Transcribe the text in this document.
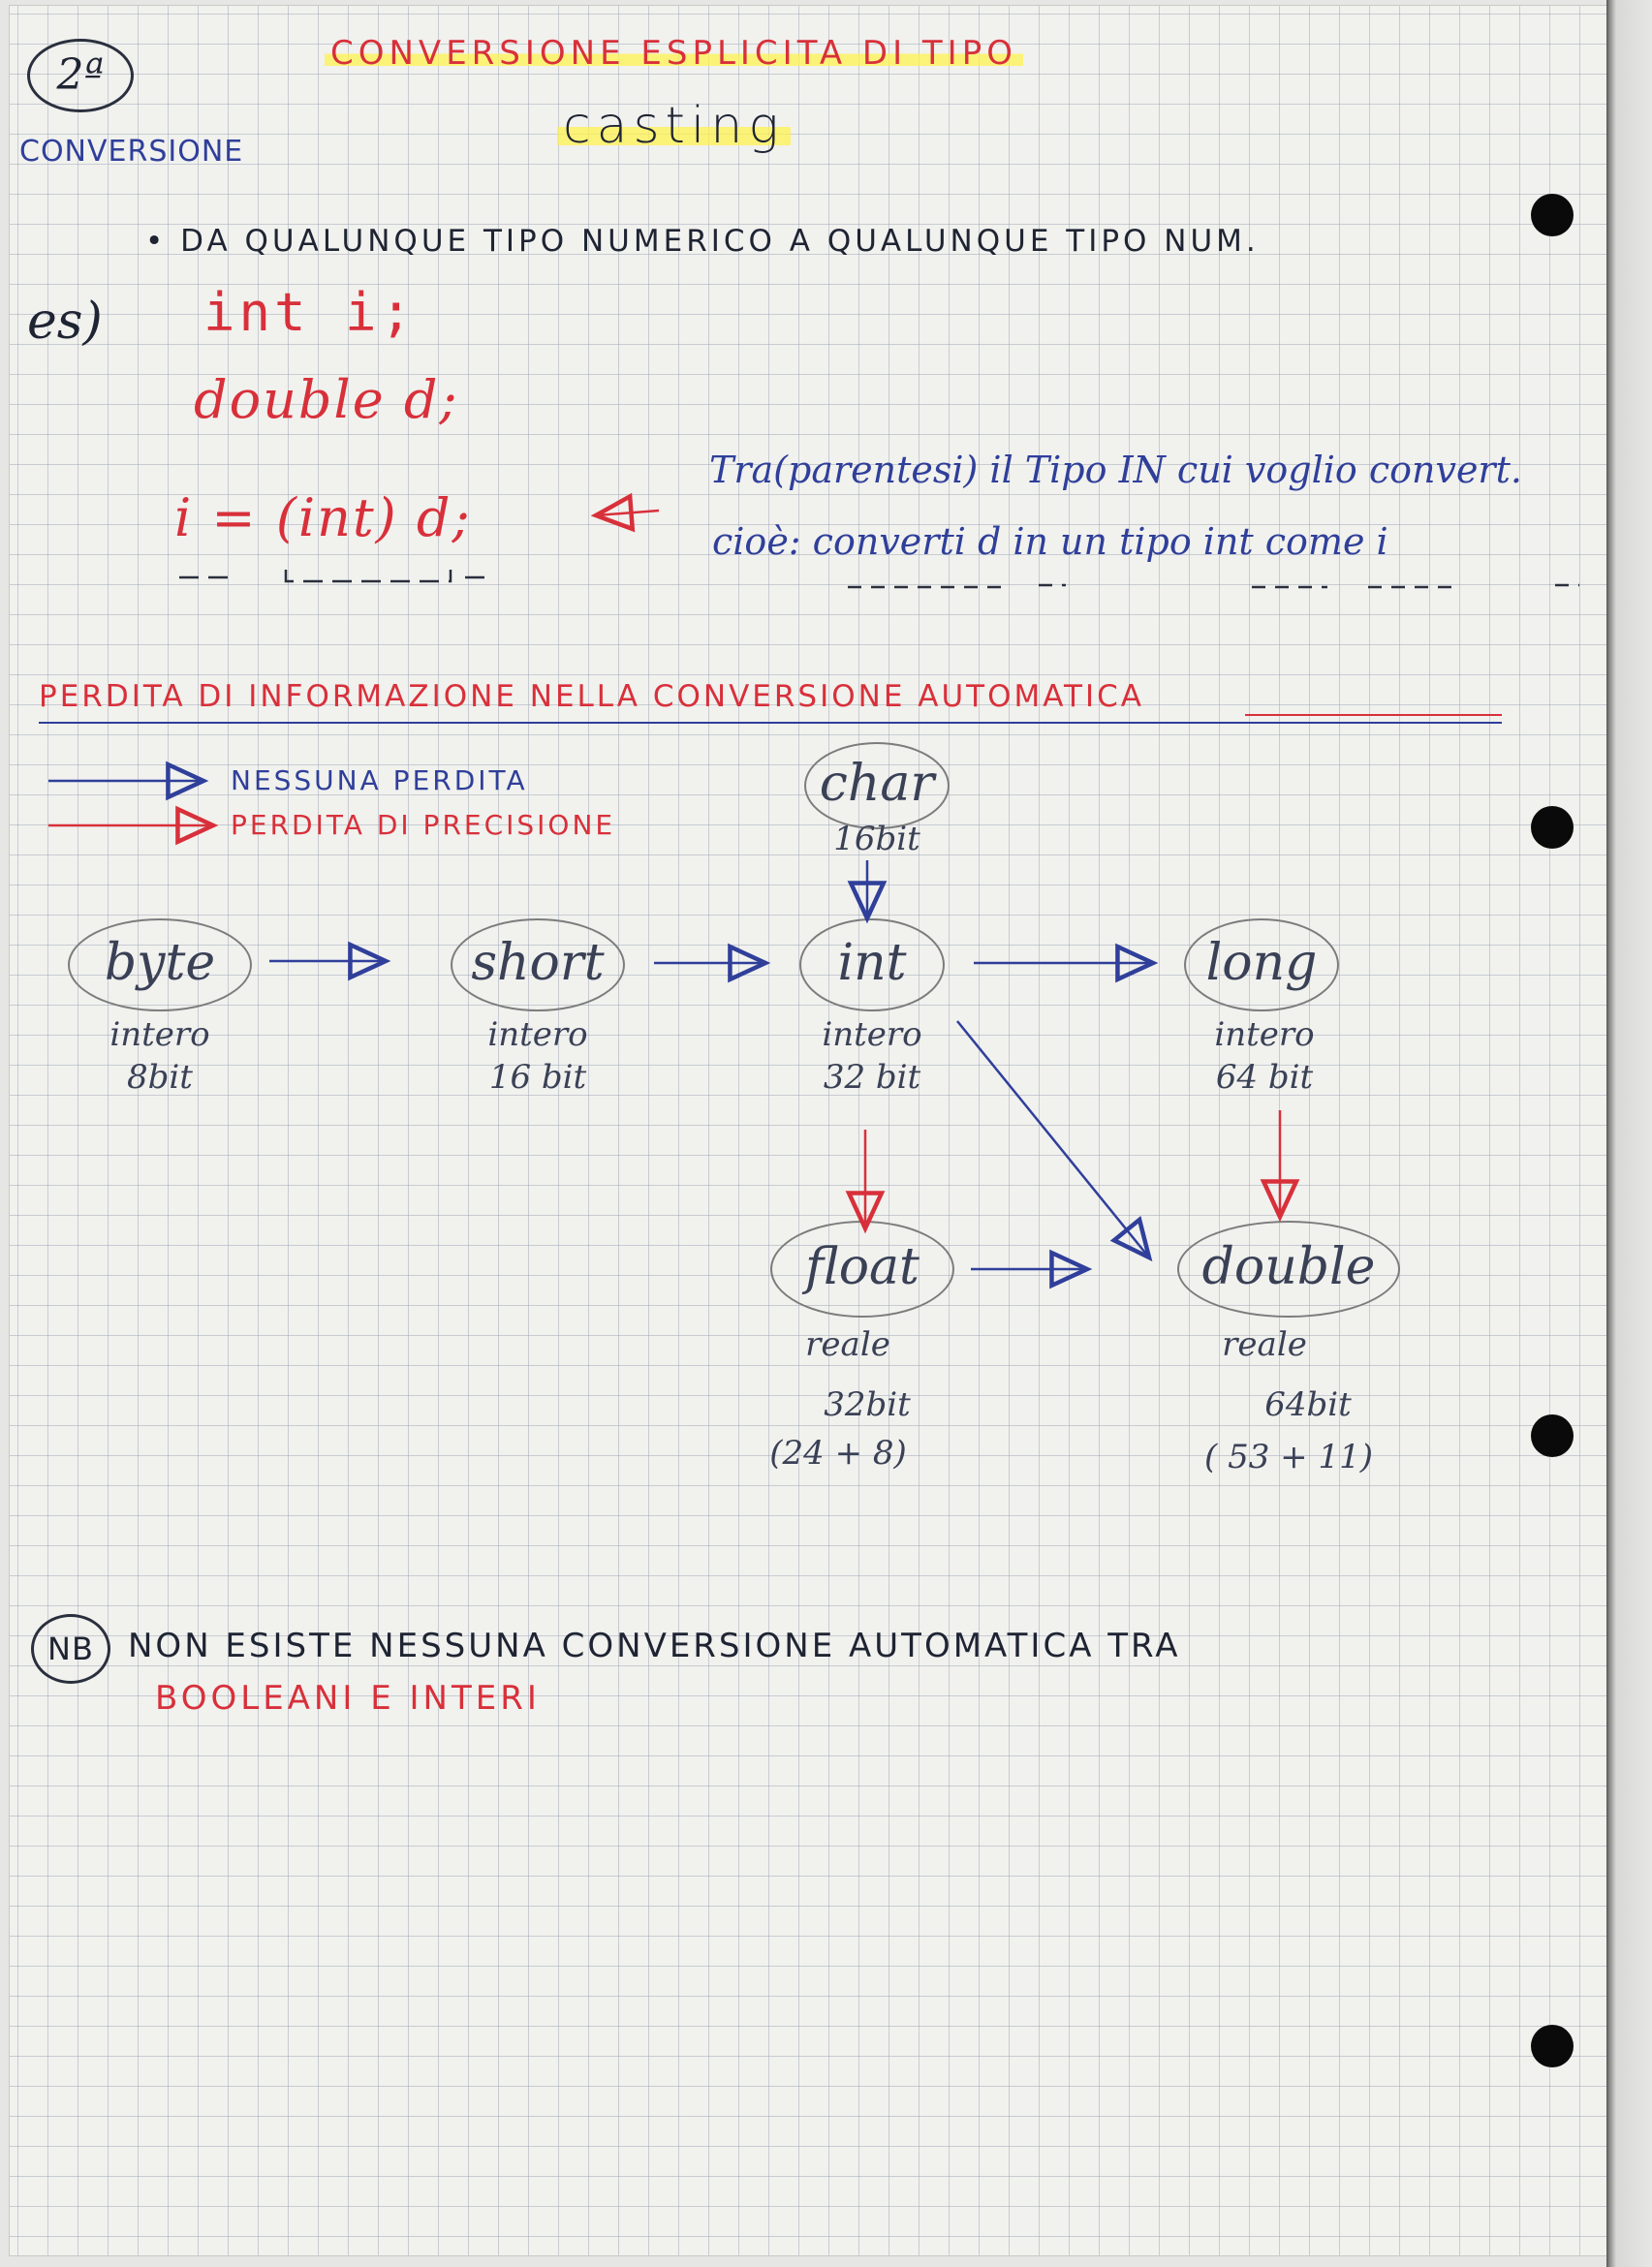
2ª
CONVERSIONE
CONVERSIONE ESPLICITA DI TIPO
casting
• DA QUALUNQUE TIPO NUMERICO A QUALUNQUE TIPO NUM.
es) int i;
double d;
i = (int) d;
Tra(parentesi) il Tipo IN cui voglio convert.
cioè: converti d in un tipo int come i
PERDITA DI INFORMAZIONE NELLA CONVERSIONE AUTOMATICA
NESSUNA PERDITA
PERDITA DI PRECISIONE
char
16bit
byte
intero
8bit
short
intero
16 bit
int
intero
32 bit
long
intero
64 bit
float
reale
32bit
(24 + 8)
double
reale
64bit
( 53 + 11)
NB	NON ESISTE NESSUNA CONVERSIONE AUTOMATICA TRA
BOOLEANI E INTERI
